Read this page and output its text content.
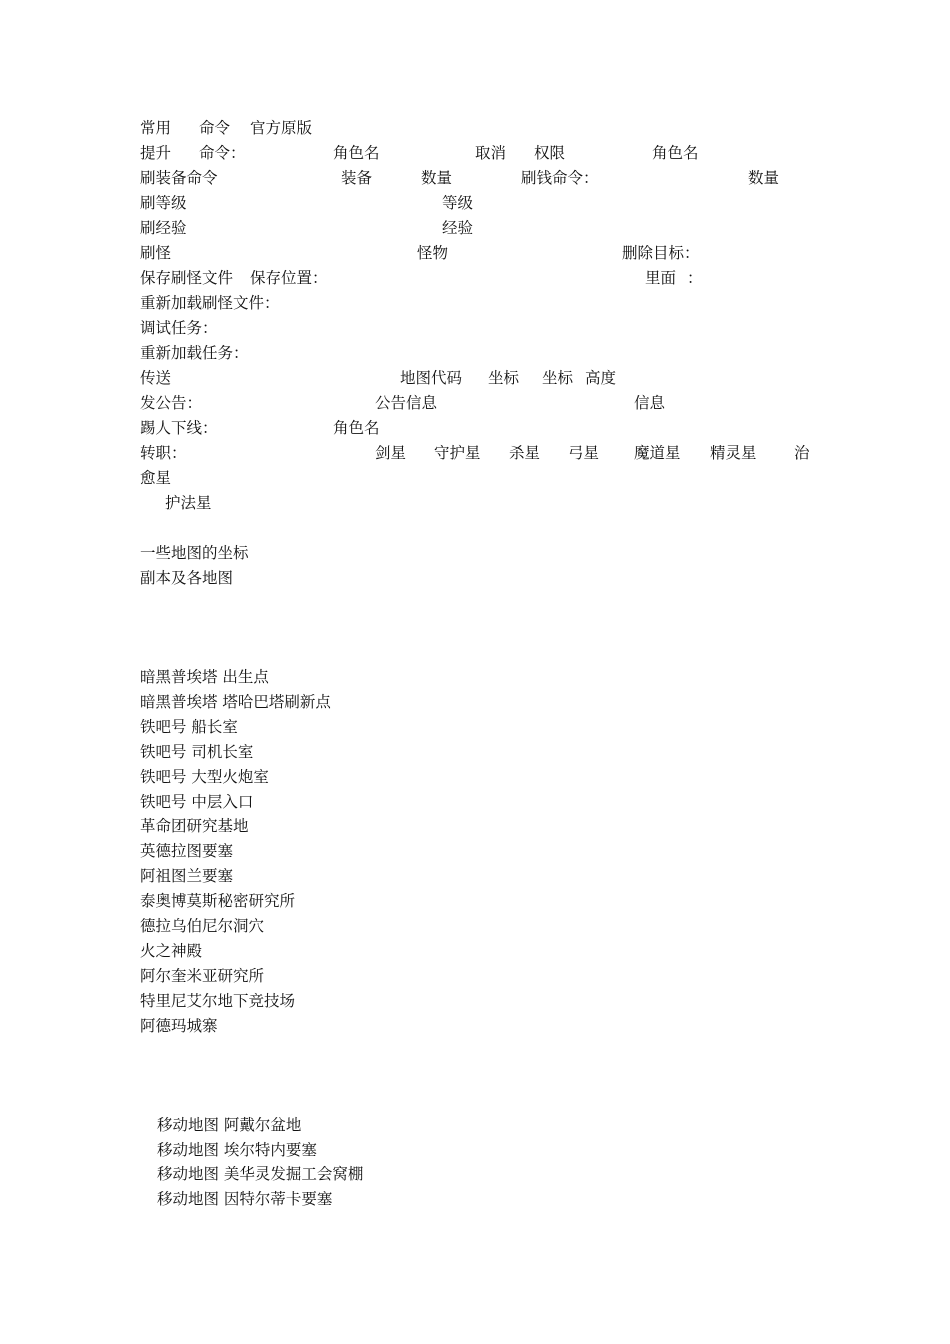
常用 命令 官方原版
提升 命令：	角色名	取消 权限	角色名
刷装备命令	装备	数量	刷钱命令：	数量
刷等级	等级
刷经验	经验
刷怪	怪物	删除目标：
保存刷怪文件 保存位置：	里面 ：
重新加载刷怪文件：
调试任务：
重新加载任务：
传送	地图代码 坐标 坐标 高度
发公告：	公告信息	信息
踢人下线：	角色名
转职：	剑星 守护星 杀星 弓星 魔道星 精灵星 治
愈星
护法星
一些地图的坐标
副本及各地图
暗黑普埃塔 出生点
暗黑普埃塔 塔哈巴塔刷新点
铁吧号 船长室
铁吧号 司机长室
铁吧号 大型火炮室
铁吧号 中层入口
革命团研究基地
英德拉图要塞
阿祖图兰要塞
泰奥博莫斯秘密研究所
德拉乌伯尼尔洞穴
火之神殿
阿尔奎米亚研究所
特里尼艾尔地下竞技场
阿德玛城寨
移动地图 阿戴尔盆地
移动地图 埃尔特内要塞
移动地图 美华灵发掘工会窝棚
移动地图 因特尔蒂卡要塞
